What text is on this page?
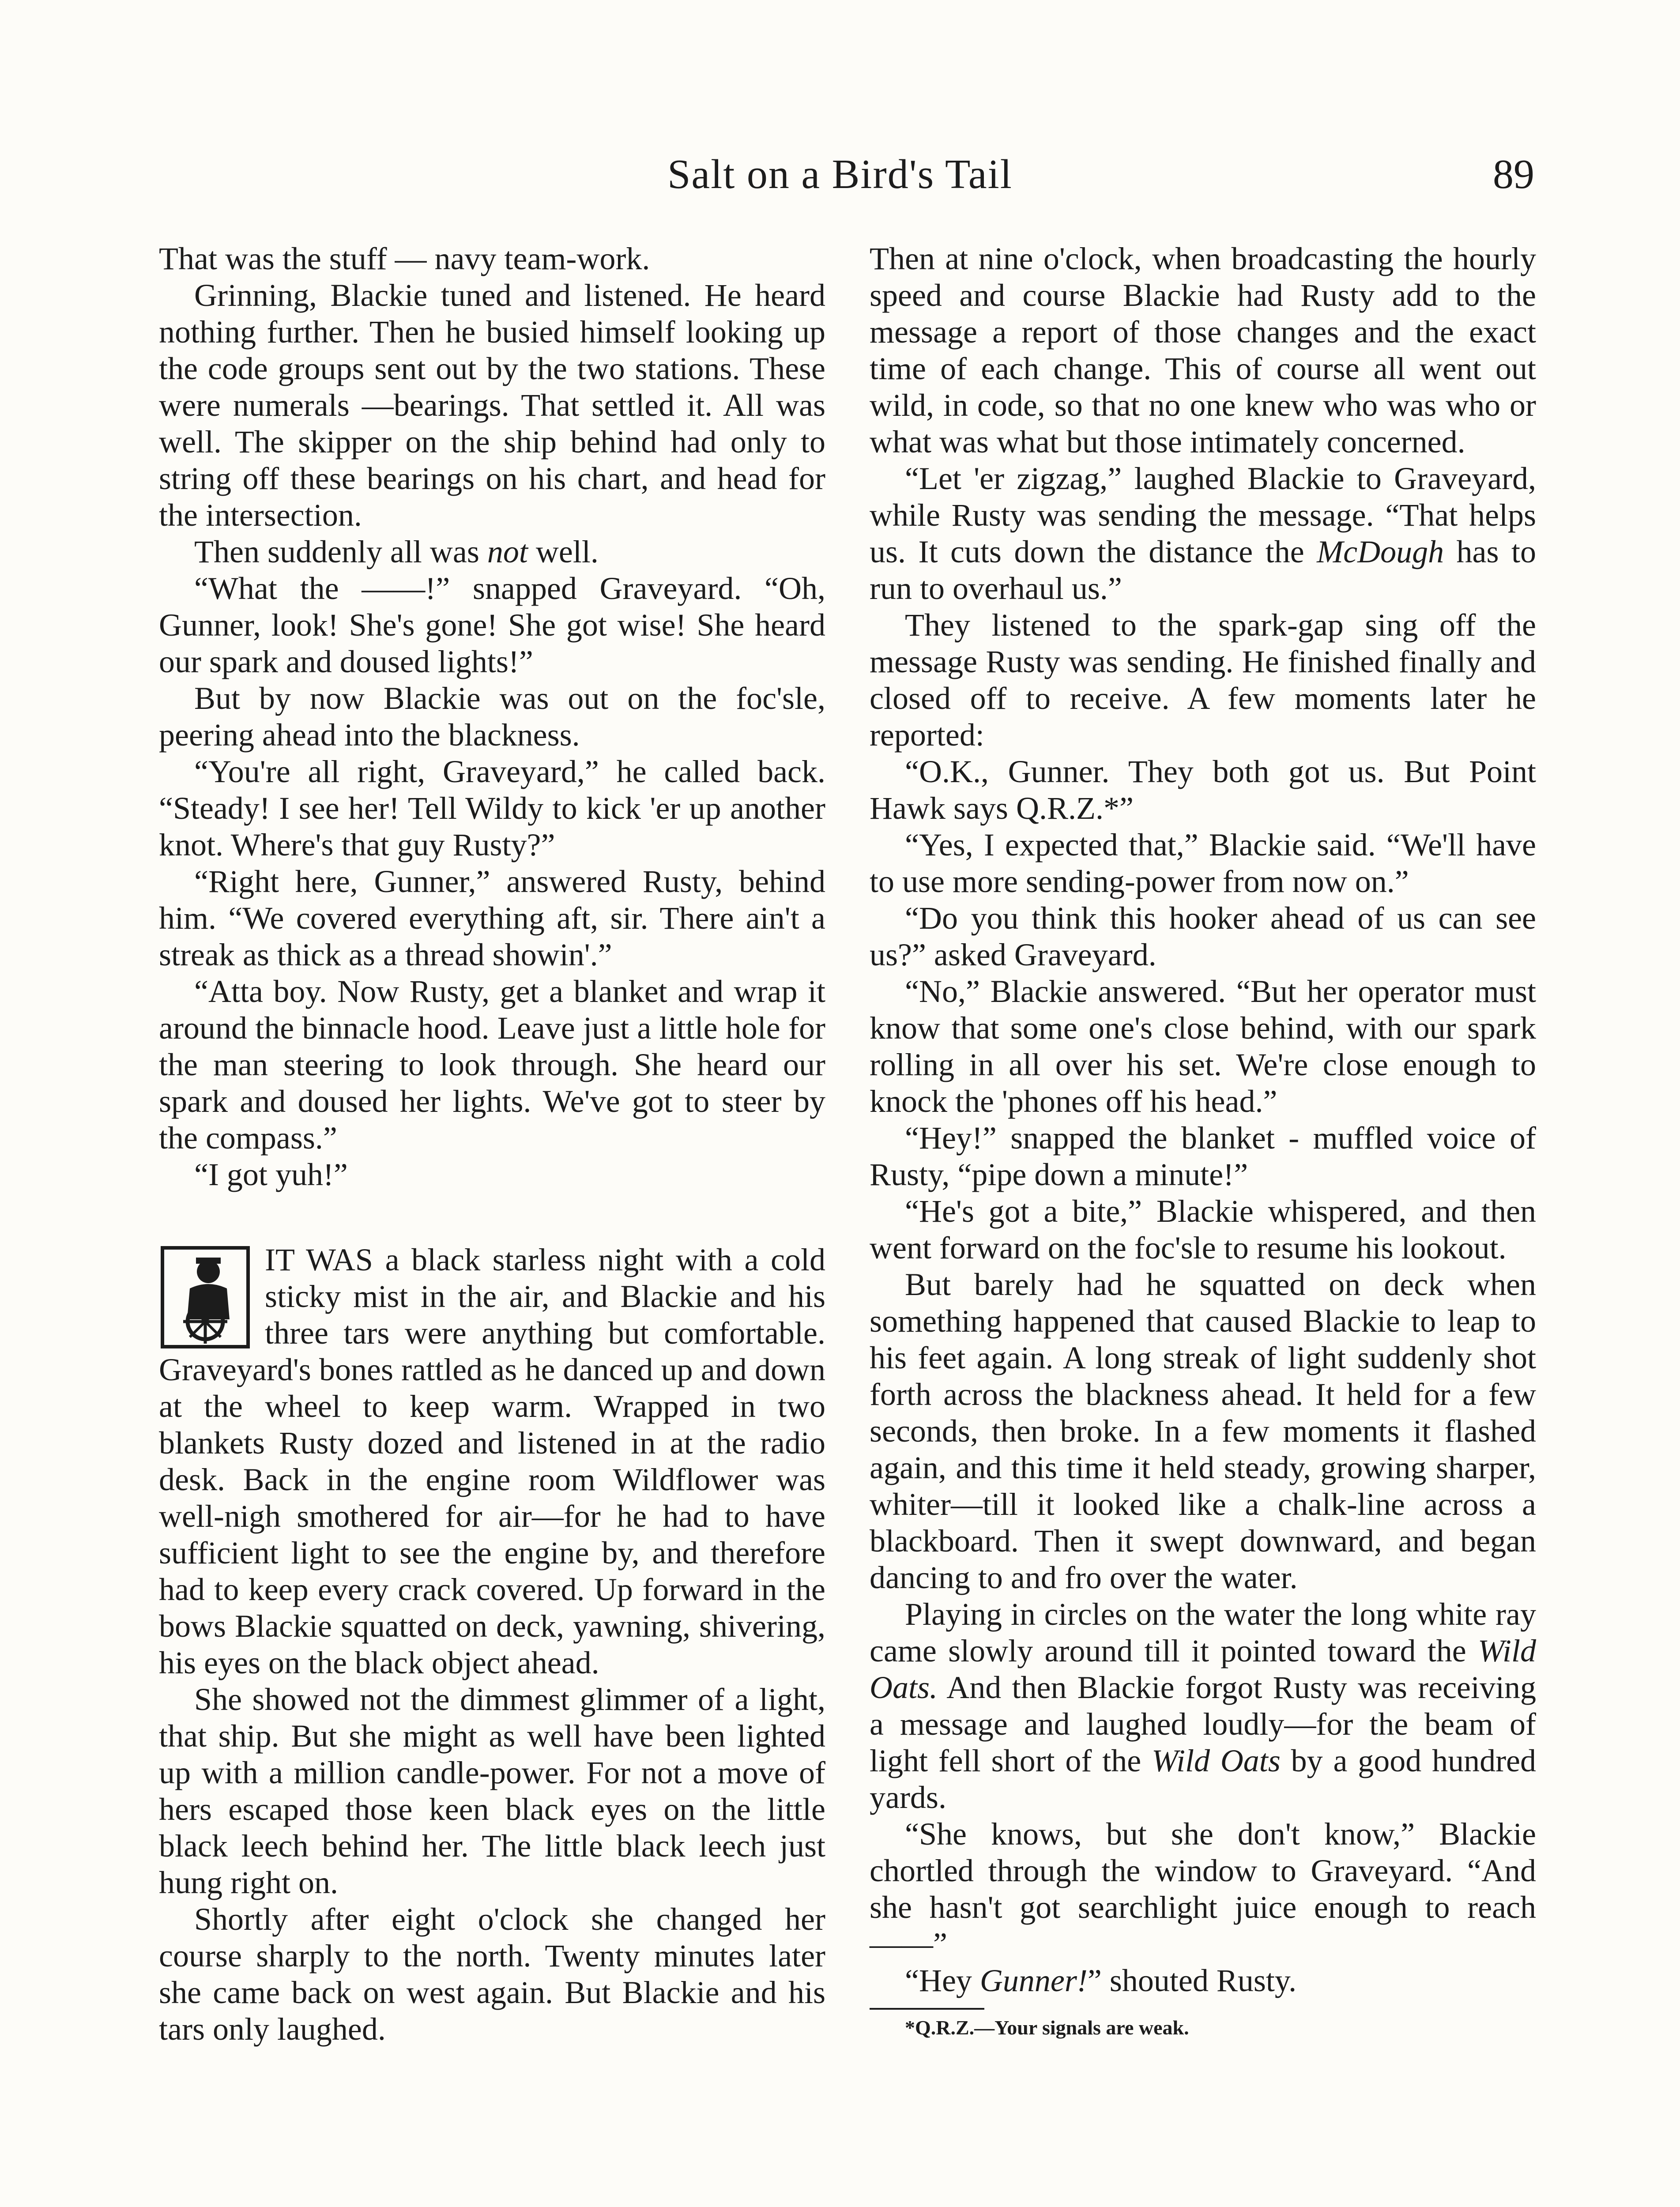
Salt on a Bird's Tail	89

That was the stuff — navy team-work.

Grinning, Blackie tuned and listened. He heard nothing further. Then he busied himself looking up the code groups sent out by the two stations. These were numerals —bearings. That settled it. All was well. The skipper on the ship behind had only to string off these bearings on his chart, and head for the intersection.

Then suddenly all was not well.

“What the ——!” snapped Graveyard. “Oh, Gunner, look! She's gone! She got wise! She heard our spark and doused lights!”

But by now Blackie was out on the foc'sle, peering ahead into the blackness.

“You're all right, Graveyard,” he called back. “Steady! I see her! Tell Wildy to kick 'er up another knot. Where's that guy Rusty?”

“Right here, Gunner,” answered Rusty, behind him. “We covered everything aft, sir. There ain't a streak as thick as a thread showin'.”

“Atta boy. Now Rusty, get a blanket and wrap it around the binnacle hood. Leave just a little hole for the man steering to look through. She heard our spark and doused her lights. We've got to steer by the compass.”

“I got yuh!”

IT WAS a black starless night with a cold sticky mist in the air, and Blackie and his three tars were anything but comfortable. Graveyard's bones rattled as he danced up and down at the wheel to keep warm. Wrapped in two blankets Rusty dozed and listened in at the radio desk. Back in the engine room Wildflower was well-nigh smothered for air—for he had to have sufficient light to see the engine by, and therefore had to keep every crack covered. Up forward in the bows Blackie squatted on deck, yawning, shivering, his eyes on the black object ahead.

She showed not the dimmest glimmer of a light, that ship. But she might as well have been lighted up with a million candle-power. For not a move of hers escaped those keen black eyes on the little black leech behind her. The little black leech just hung right on.

Shortly after eight o'clock she changed her course sharply to the north. Twenty minutes later she came back on west again. But Blackie and his tars only laughed.

Then at nine o'clock, when broadcasting the hourly speed and course Blackie had Rusty add to the message a report of those changes and the exact time of each change. This of course all went out wild, in code, so that no one knew who was who or what was what but those intimately concerned.

“Let 'er zigzag,” laughed Blackie to Graveyard, while Rusty was sending the message. “That helps us. It cuts down the distance the McDough has to run to overhaul us.”

They listened to the spark-gap sing off the message Rusty was sending. He finished finally and closed off to receive. A few moments later he reported:

“O.K., Gunner. They both got us. But Point Hawk says Q.R.Z.*”

“Yes, I expected that,” Blackie said. “We'll have to use more sending-power from now on.”

“Do you think this hooker ahead of us can see us?” asked Graveyard.

“No,” Blackie answered. “But her operator must know that some one's close behind, with our spark rolling in all over his set. We're close enough to knock the 'phones off his head.”

“Hey!” snapped the blanket - muffled voice of Rusty, “pipe down a minute!”

“He's got a bite,” Blackie whispered, and then went forward on the foc'sle to resume his lookout.

But barely had he squatted on deck when something happened that caused Blackie to leap to his feet again. A long streak of light suddenly shot forth across the blackness ahead. It held for a few seconds, then broke. In a few moments it flashed again, and this time it held steady, growing sharper, whiter—till it looked like a chalk-line across a blackboard. Then it swept downward, and began dancing to and fro over the water.

Playing in circles on the water the long white ray came slowly around till it pointed toward the Wild Oats. And then Blackie forgot Rusty was receiving a message and laughed loudly—for the beam of light fell short of the Wild Oats by a good hundred yards.

“She knows, but she don't know,” Blackie chortled through the window to Graveyard. “And she hasn't got searchlight juice enough to reach——”

“Hey Gunner!” shouted Rusty.

*Q.R.Z.—Your signals are weak.
